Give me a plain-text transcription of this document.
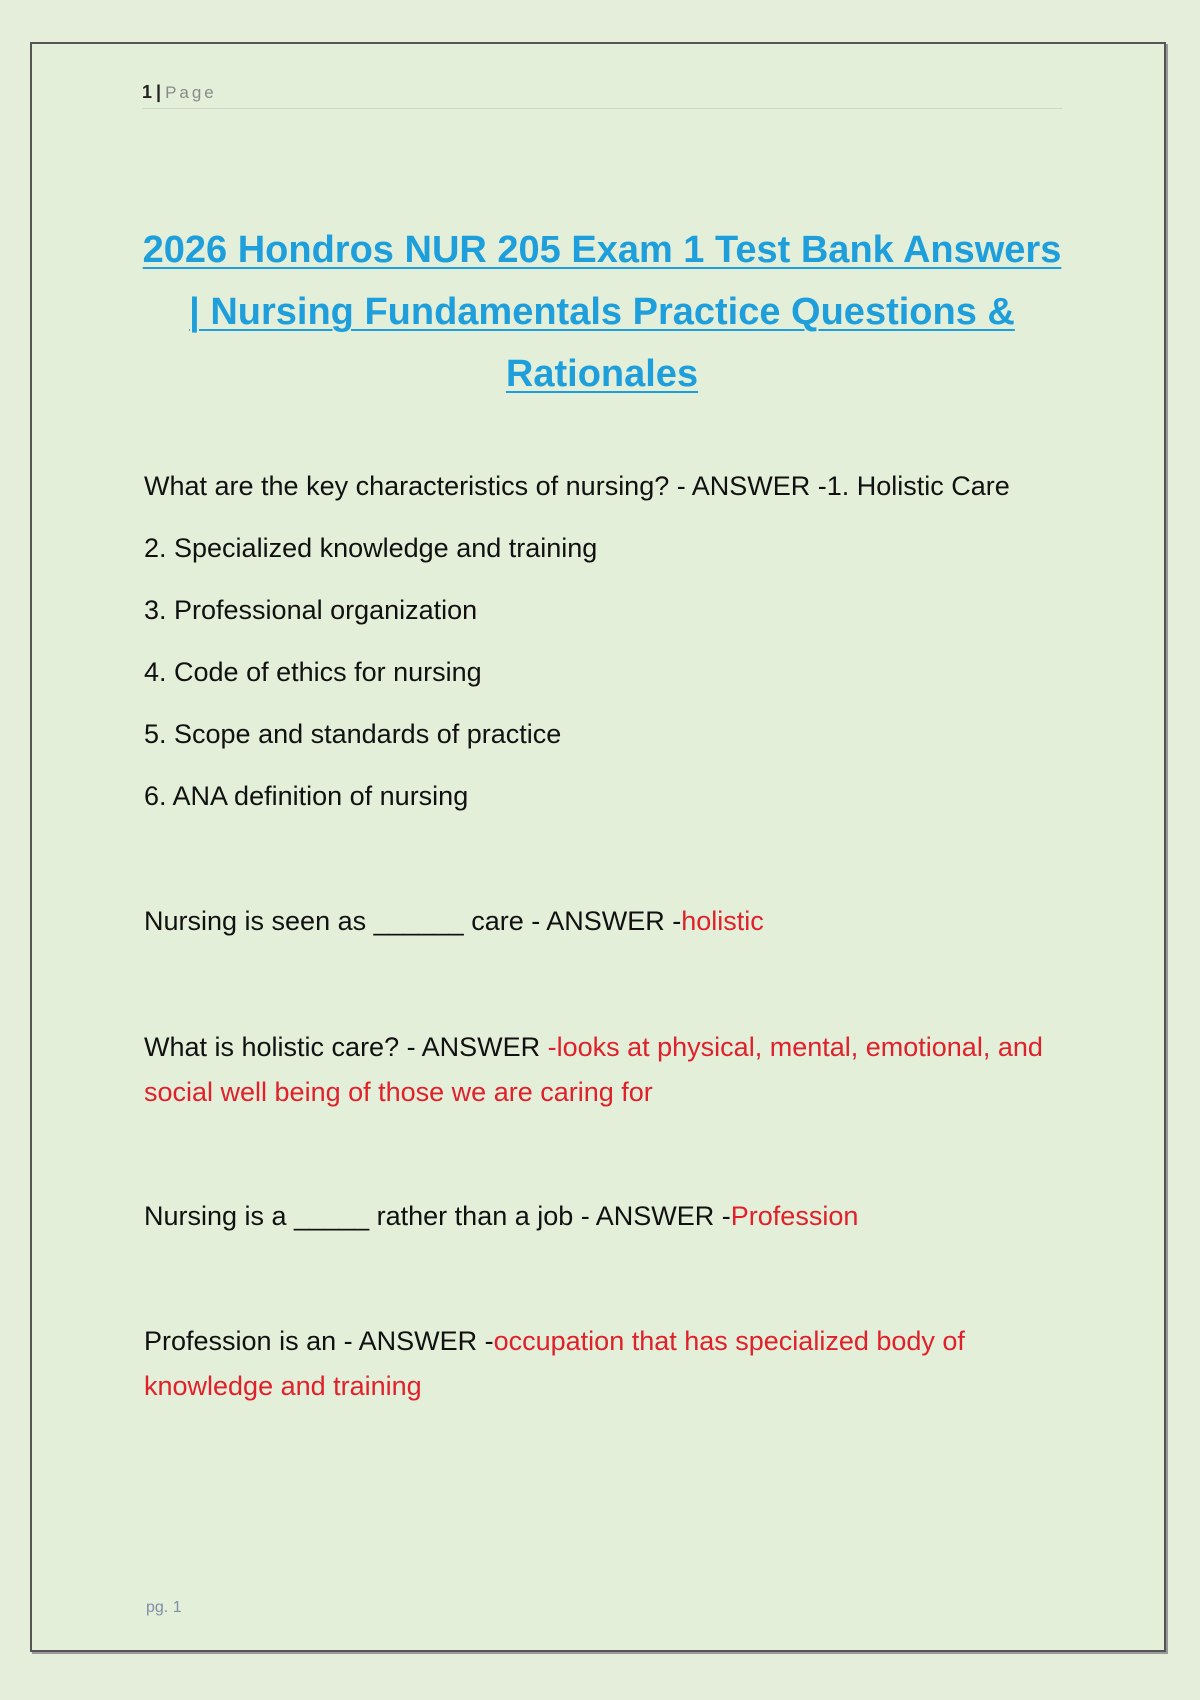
1 | Page
2026 Hondros NUR 205 Exam 1 Test Bank Answers | Nursing Fundamentals Practice Questions & Rationales
What are the key characteristics of nursing? - ANSWER -1. Holistic Care
2. Specialized knowledge and training
3. Professional organization
4. Code of ethics for nursing
5. Scope and standards of practice
6. ANA definition of nursing
Nursing is seen as ______ care - ANSWER -holistic
What is holistic care? - ANSWER -looks at physical, mental, emotional, and social well being of those we are caring for
Nursing is a _____ rather than a job - ANSWER -Profession
Profession is an - ANSWER -occupation that has specialized body of knowledge and training
pg. 1
